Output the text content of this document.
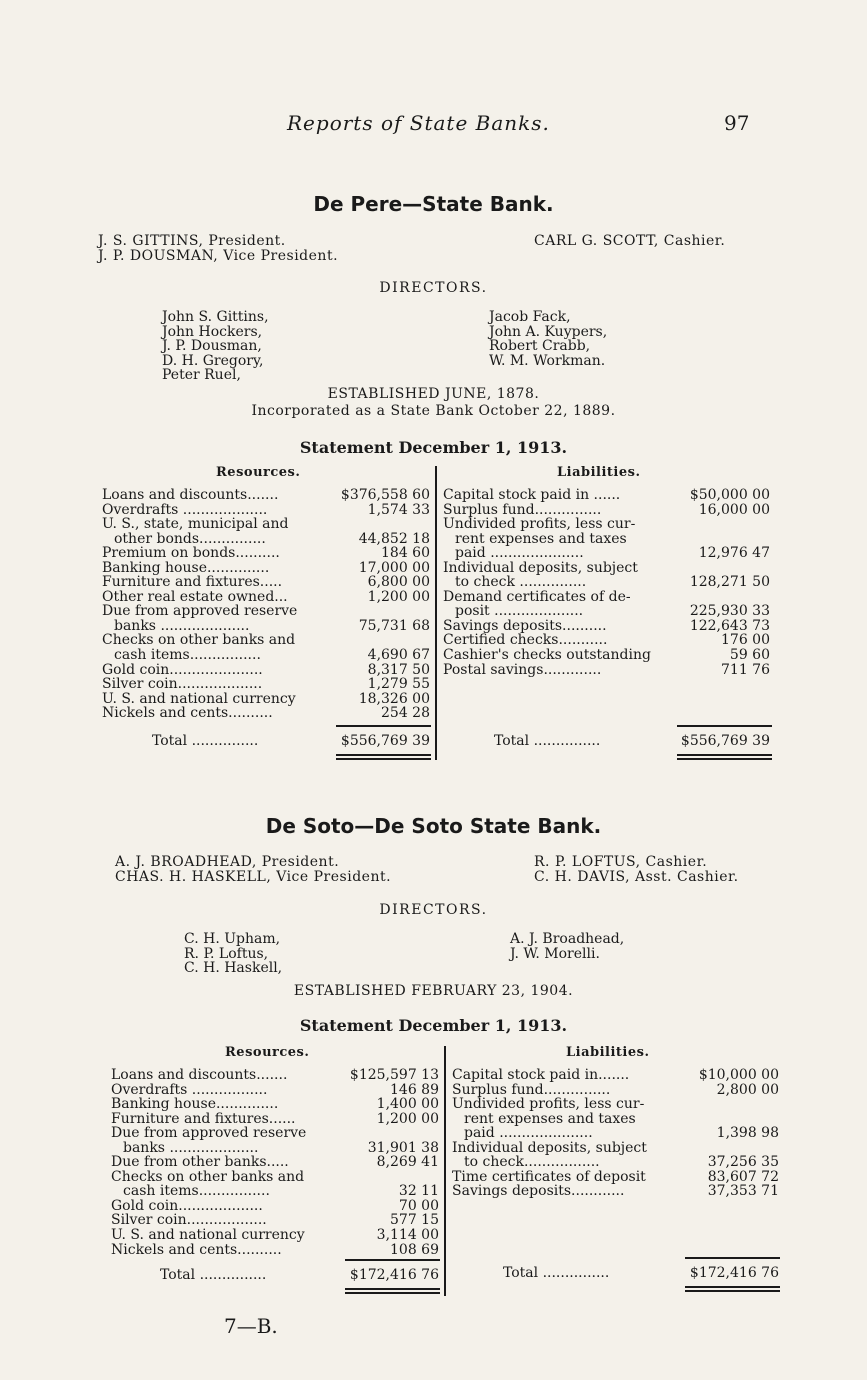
Reports of State Banks.	97
De Pere—State Bank.
J. S. GITTINS, President.
J. P. DOUSMAN, Vice President.
CARL G. SCOTT, Cashier.
DIRECTORS.
John S. Gittins,
John Hockers,
J. P. Dousman,
D. H. Gregory,
Peter Ruel,
Jacob Fack,
John A. Kuypers,
Robert Crabb,
W. M. Workman.
ESTABLISHED JUNE, 1878.
Incorporated as a State Bank October 22, 1889.
Statement December 1, 1913.
Resources.	Liabilities.
Loans and discounts.......	$376,558 60
Overdrafts ...................	1,574 33
U. S., state, municipal and
other bonds...............	44,852 18
Premium on bonds..........	184 60
Banking house..............	17,000 00
Furniture and fixtures.....	6,800 00
Other real estate owned...	1,200 00
Due from approved reserve
banks ....................	75,731 68
Checks on other banks and
cash items................	4,690 67
Gold coin.....................	8,317 50
Silver coin...................	1,279 55
U. S. and national currency	18,326 00
Nickels and cents..........	254 28
Capital stock paid in ......	$50,000 00
Surplus fund...............	16,000 00
Undivided profits, less cur-
rent expenses and taxes
paid .....................	12,976 47
Individual deposits, subject
to check ...............	128,271 50
Demand certificates of de-
posit ....................	225,930 33
Savings deposits..........	122,643 73
Certified checks...........	176 00
Cashier's checks outstanding	59 60
Postal savings.............	711 76
Total ...............	$556,769 39	Total ...............	$556,769 39
De Soto—De Soto State Bank.
A. J. BROADHEAD, President.
CHAS. H. HASKELL, Vice President.
R. P. LOFTUS, Cashier.
C. H. DAVIS, Asst. Cashier.
DIRECTORS.
C. H. Upham,
R. P. Loftus,
C. H. Haskell,
A. J. Broadhead,
J. W. Morelli.
ESTABLISHED FEBRUARY 23, 1904.
Statement December 1, 1913.
Resources.	Liabilities.
Loans and discounts.......	$125,597 13
Overdrafts .................	146 89
Banking house..............	1,400 00
Furniture and fixtures......	1,200 00
Due from approved reserve
banks ....................	31,901 38
Due from other banks.....	8,269 41
Checks on other banks and
cash items................	32 11
Gold coin...................	70 00
Silver coin..................	577 15
U. S. and national currency	3,114 00
Nickels and cents..........	108 69
Capital stock paid in.......	$10,000 00
Surplus fund...............	2,800 00
Undivided profits, less cur-
rent expenses and taxes
paid .....................	1,398 98
Individual deposits, subject
to check.................	37,256 35
Time certificates of deposit	83,607 72
Savings deposits............	37,353 71
Total ...............	$172,416 76	Total ...............	$172,416 76
7—B.
